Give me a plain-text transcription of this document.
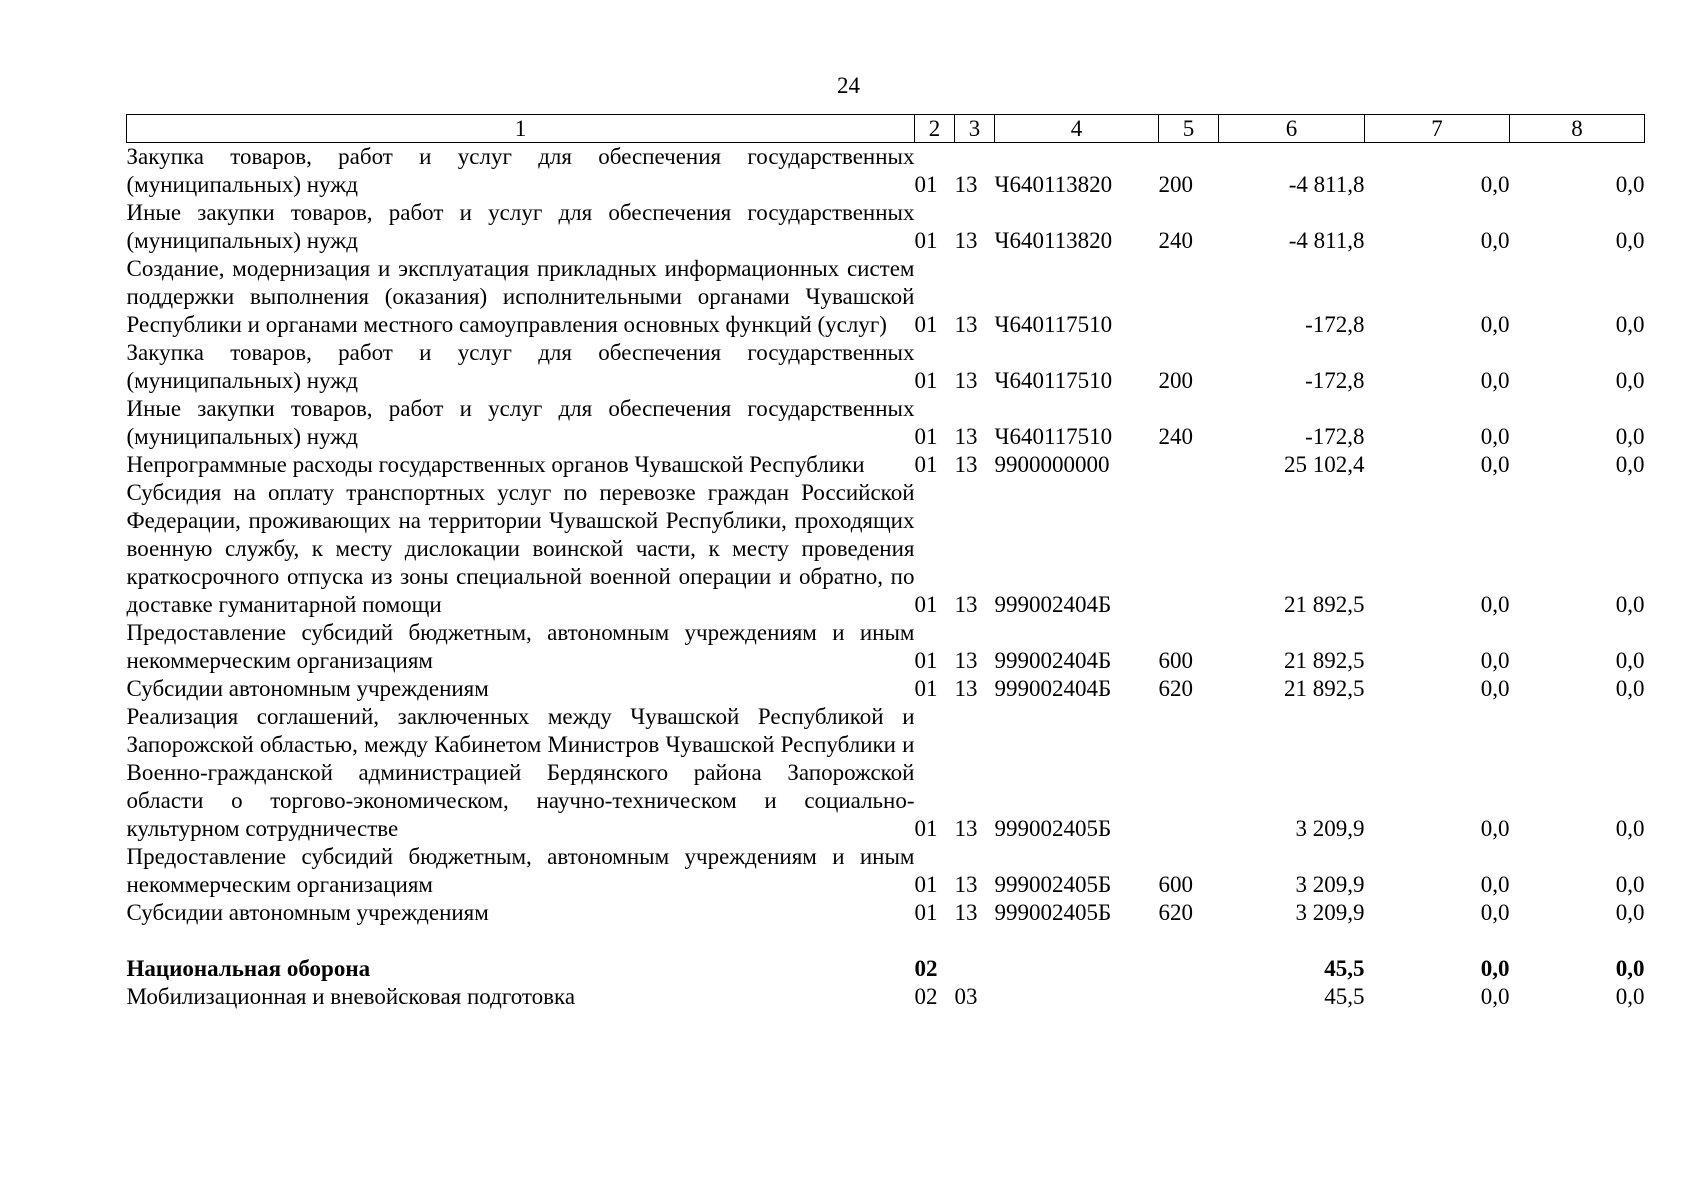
24
1	2	3	4	5	6	7	8
Закупка товаров, работ и услуг для обеспечения государственных (муниципальных) нужд	01	13	Ч640113820	200	-4 811,8	0,0	0,0
Иные закупки товаров, работ и услуг для обеспечения государственных (муниципальных) нужд	01	13	Ч640113820	240	-4 811,8	0,0	0,0
Создание, модернизация и эксплуатация прикладных информационных систем поддержки выполнения (оказания) исполнительными органами Чувашской Республики и органами местного самоуправления основных функций (услуг)	01	13	Ч640117510		-172,8	0,0	0,0
Закупка товаров, работ и услуг для обеспечения государственных (муниципальных) нужд	01	13	Ч640117510	200	-172,8	0,0	0,0
Иные закупки товаров, работ и услуг для обеспечения государственных (муниципальных) нужд	01	13	Ч640117510	240	-172,8	0,0	0,0
Непрограммные расходы государственных органов Чувашской Республики	01	13	9900000000		25 102,4	0,0	0,0
Субсидия на оплату транспортных услуг по перевозке граждан Российской Федерации, проживающих на территории Чувашской Республики, проходящих военную службу, к месту дислокации воинской части, к месту проведения краткосрочного отпуска из зоны специальной военной операции и обратно, по доставке гуманитарной помощи	01	13	999002404Б		21 892,5	0,0	0,0
Предоставление субсидий бюджетным, автономным учреждениям и иным некоммерческим организациям	01	13	999002404Б	600	21 892,5	0,0	0,0
Субсидии автономным учреждениям	01	13	999002404Б	620	21 892,5	0,0	0,0
Реализация соглашений, заключенных между Чувашской Республикой и Запорожской областью, между Кабинетом Министров Чувашской Республики и Военно-гражданской администрацией Бердянского района Запорожской области о торгово-экономическом, научно-техническом и социально-культурном сотрудничестве	01	13	999002405Б		3 209,9	0,0	0,0
Предоставление субсидий бюджетным, автономным учреждениям и иным некоммерческим организациям	01	13	999002405Б	600	3 209,9	0,0	0,0
Субсидии автономным учреждениям	01	13	999002405Б	620	3 209,9	0,0	0,0

Национальная оборона	02				45,5	0,0	0,0
Мобилизационная и вневойсковая подготовка	02	03			45,5	0,0	0,0
